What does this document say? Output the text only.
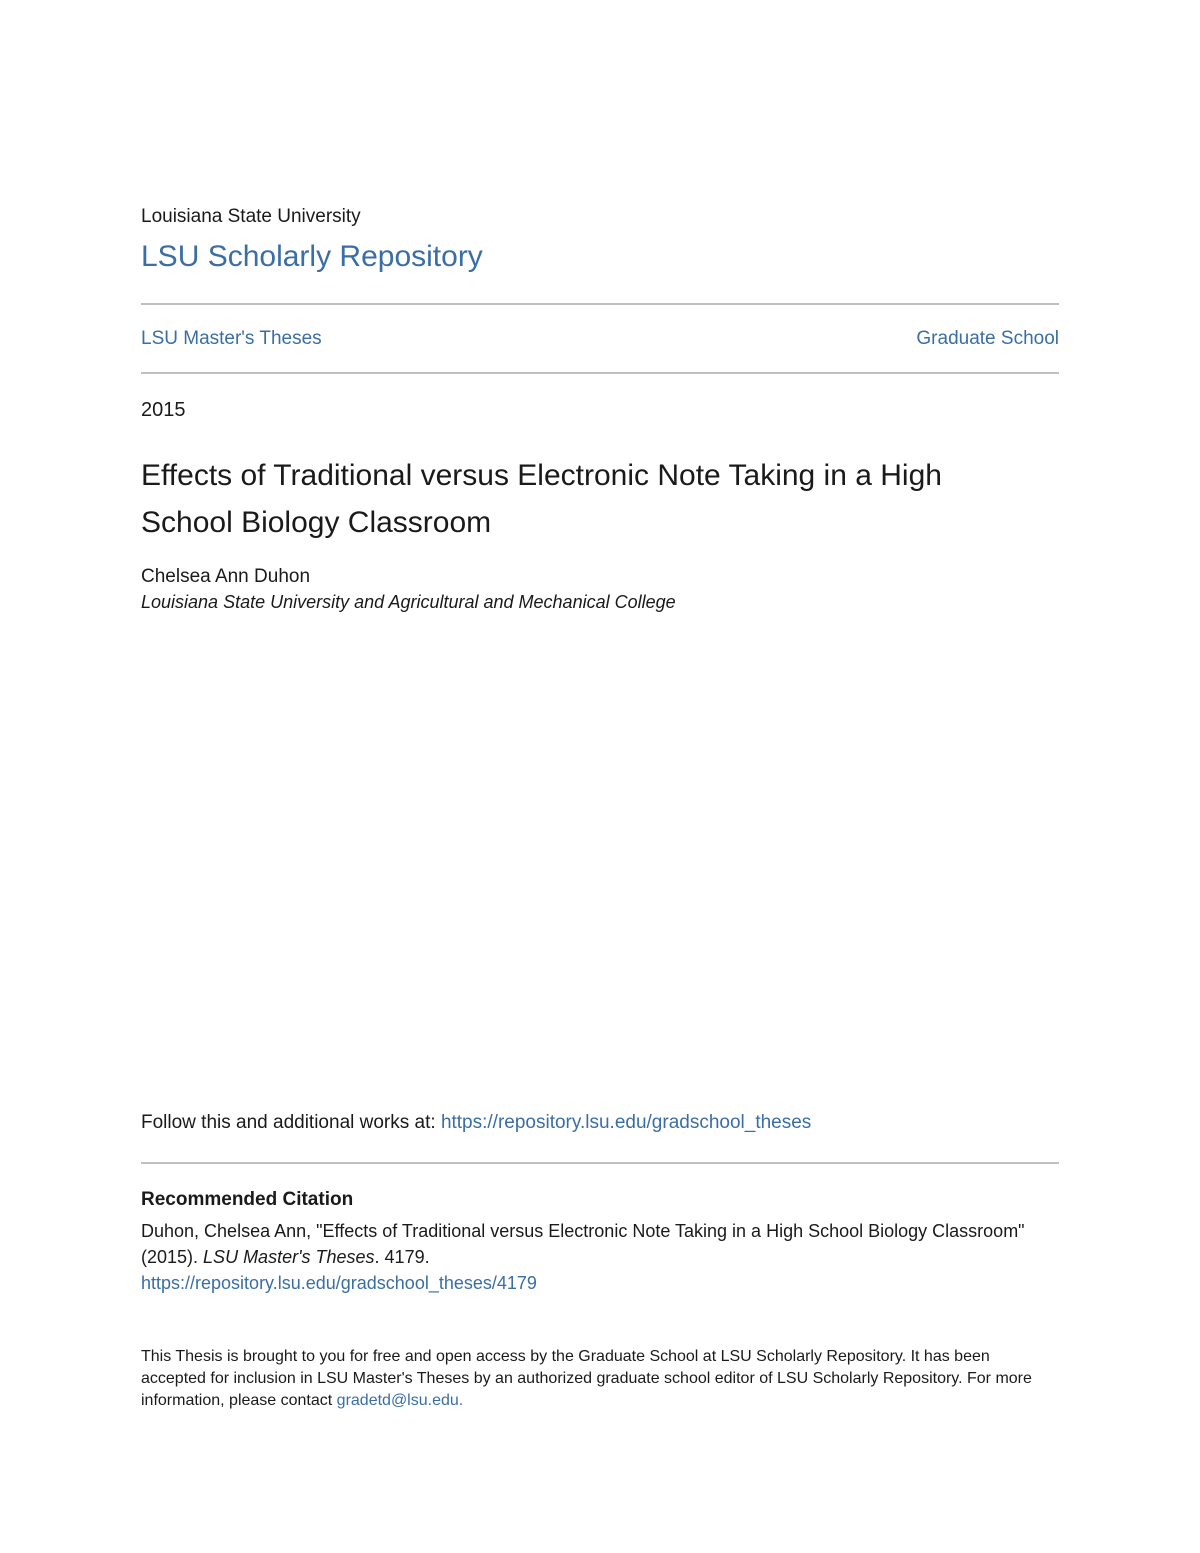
Louisiana State University
LSU Scholarly Repository
LSU Master's Theses	Graduate School
2015
Effects of Traditional versus Electronic Note Taking in a High School Biology Classroom
Chelsea Ann Duhon
Louisiana State University and Agricultural and Mechanical College
Follow this and additional works at: https://repository.lsu.edu/gradschool_theses
Recommended Citation
Duhon, Chelsea Ann, "Effects of Traditional versus Electronic Note Taking in a High School Biology Classroom" (2015). LSU Master's Theses. 4179.
https://repository.lsu.edu/gradschool_theses/4179
This Thesis is brought to you for free and open access by the Graduate School at LSU Scholarly Repository. It has been accepted for inclusion in LSU Master's Theses by an authorized graduate school editor of LSU Scholarly Repository. For more information, please contact gradetd@lsu.edu.
